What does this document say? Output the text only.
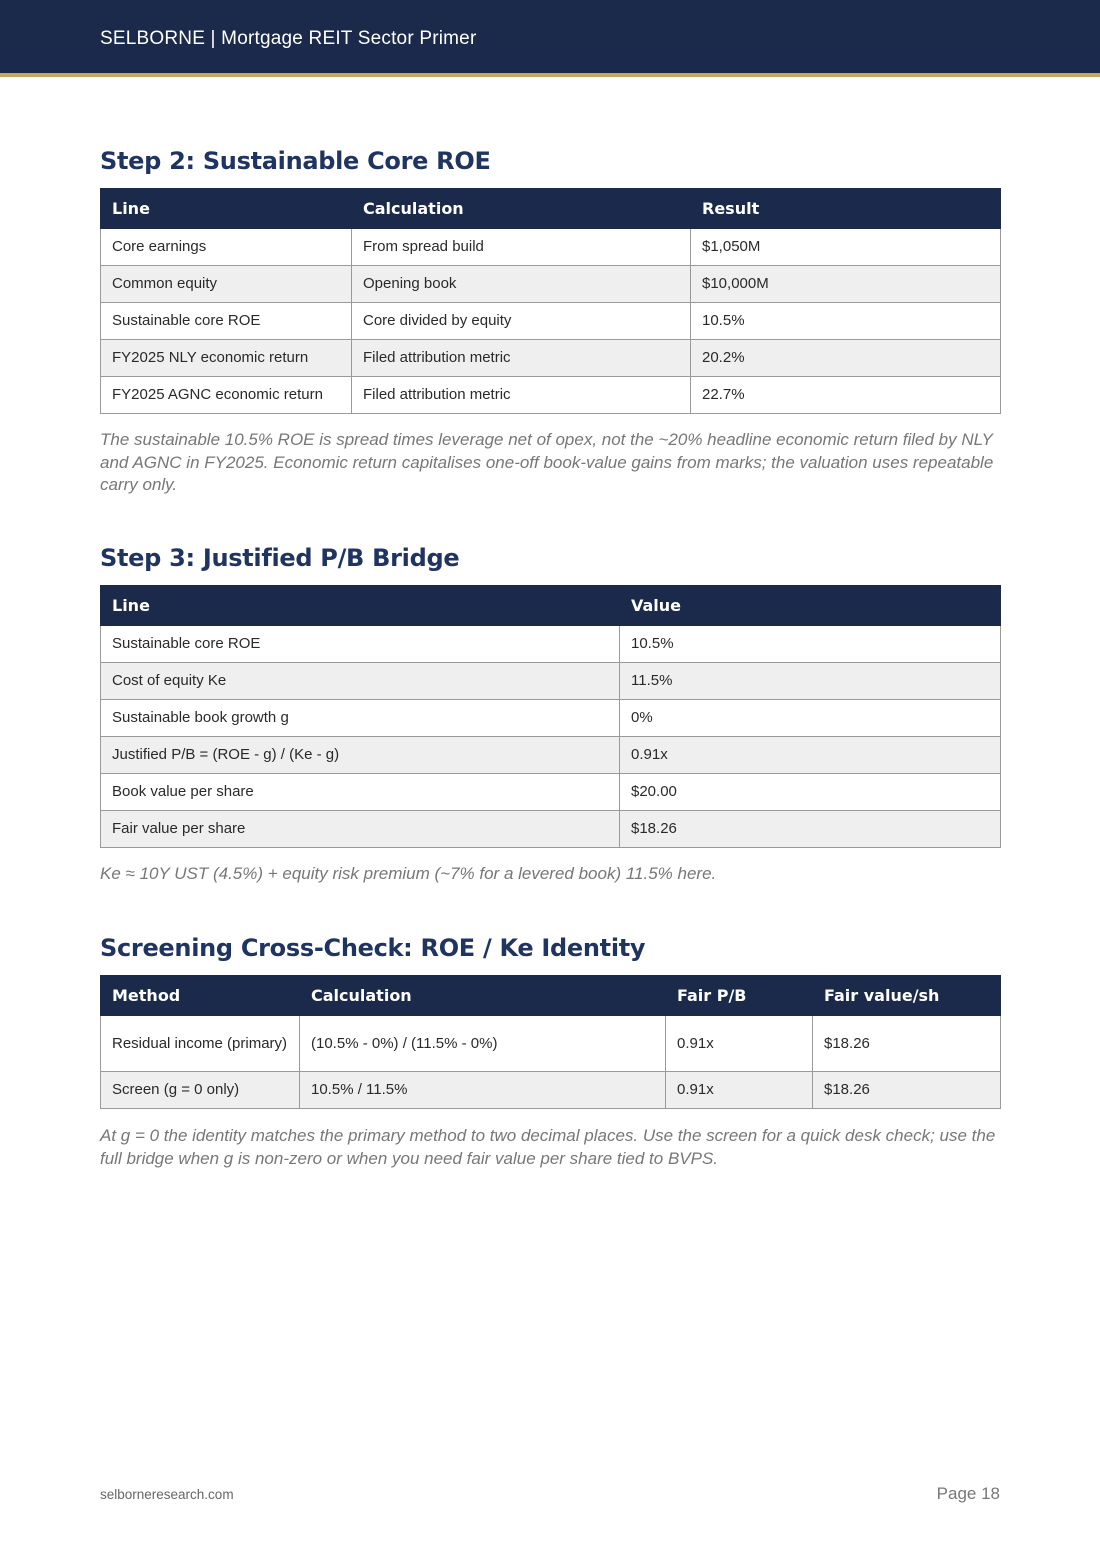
SELBORNE | Mortgage REIT Sector Primer
Step 2: Sustainable Core ROE
Line	Calculation	Result
Core earnings	From spread build	$1,050M
Common equity	Opening book	$10,000M
Sustainable core ROE	Core divided by equity	10.5%
FY2025 NLY economic return	Filed attribution metric	20.2%
FY2025 AGNC economic return	Filed attribution metric	22.7%

The sustainable 10.5% ROE is spread times leverage net of opex, not the ~20% headline economic return filed by NLY and AGNC in FY2025. Economic return capitalises one-off book-value gains from marks; the valuation uses repeatable carry only.

Step 3: Justified P/B Bridge
Line	Value
Sustainable core ROE	10.5%
Cost of equity Ke	11.5%
Sustainable book growth g	0%
Justified P/B = (ROE - g) / (Ke - g)	0.91x
Book value per share	$20.00
Fair value per share	$18.26

Ke ≈ 10Y UST (4.5%) + equity risk premium (~7% for a levered book) 11.5% here.

Screening Cross-Check: ROE / Ke Identity
Method	Calculation	Fair P/B	Fair value/sh
Residual income (primary)	(10.5% - 0%) / (11.5% - 0%)	0.91x	$18.26
Screen (g = 0 only)	10.5% / 11.5%	0.91x	$18.26

At g = 0 the identity matches the primary method to two decimal places. Use the screen for a quick desk check; use the full bridge when g is non-zero or when you need fair value per share tied to BVPS.

selborneresearch.com	Page 18
